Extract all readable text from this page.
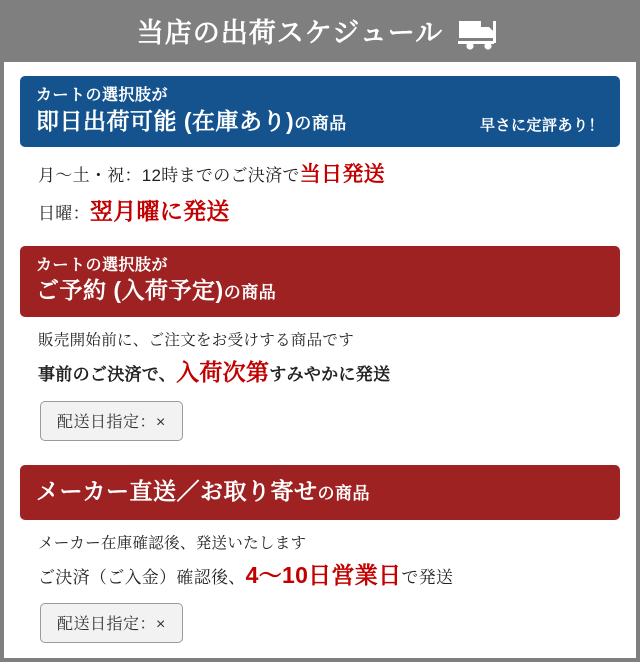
当店の出荷スケジュール
カートの選択肢が
即日出荷可能 (在庫あり)の商品	早さに定評あり！
月〜土・祝：12時までのご決済で当日発送
日曜：翌月曜に発送
カートの選択肢が
ご予約 (入荷予定)の商品
販売開始前に、ご注文をお受けする商品です
事前のご決済で、入荷次第すみやかに発送
配送日指定：×
メーカー直送／お取り寄せの商品
メーカー在庫確認後、発送いたします
ご決済（ご入金）確認後、4〜10日営業日で発送
配送日指定：×
